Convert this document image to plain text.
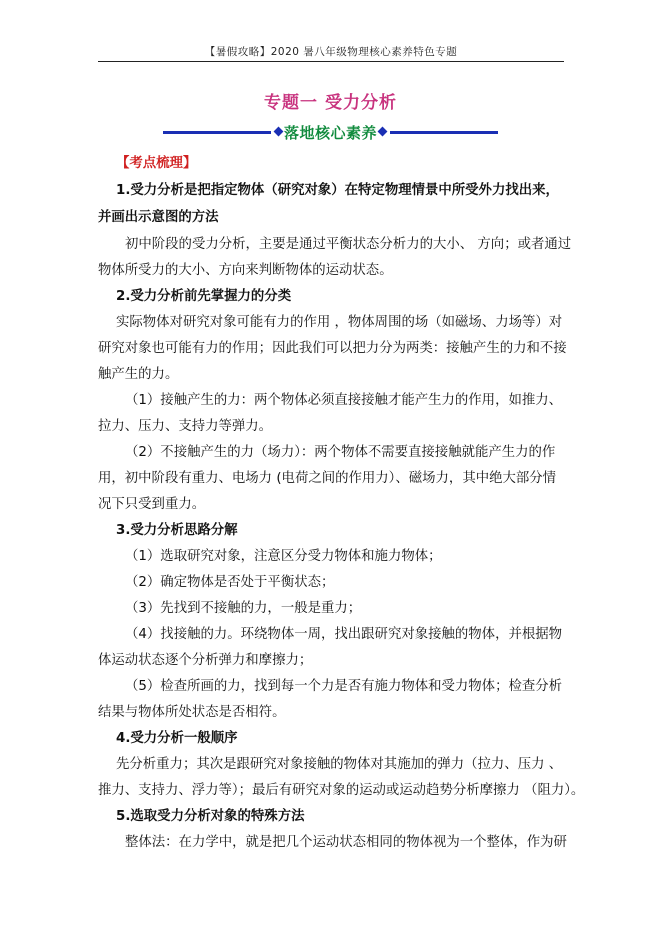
【暑假攻略】2020 暑八年级物理核心素养特色专题
专题一 受力分析
落地核心素养
【考点梳理】
1.受力分析是把指定物体（研究对象）在特定物理情景中所受外力找出来，
并画出示意图的方法
初中阶段的受力分析，主要是通过平衡状态分析力的大小、 方向；或者通过
物体所受力的大小、方向来判断物体的运动状态。
2.受力分析前先掌握力的分类
实际物体对研究对象可能有力的作用 ，物体周围的场（如磁场、力场等）对
研究对象也可能有力的作用；因此我们可以把力分为两类：接触产生的力和不接
触产生的力。
（1）接触产生的力：两个物体必须直接接触才能产生力的作用，如推力、
拉力、压力、支持力等弹力。
（2）不接触产生的力（场力）：两个物体不需要直接接触就能产生力的作
用，初中阶段有重力、电场力 (电荷之间的作用力）、磁场力，其中绝大部分情
况下只受到重力。
3.受力分析思路分解
（1）选取研究对象，注意区分受力物体和施力物体；
（2）确定物体是否处于平衡状态；
（3）先找到不接触的力，一般是重力；
（4）找接触的力。环绕物体一周，找出跟研究对象接触的物体，并根据物
体运动状态逐个分析弹力和摩擦力；
（5）检查所画的力，找到每一个力是否有施力物体和受力物体；检查分析
结果与物体所处状态是否相符。
4.受力分析一般顺序
先分析重力；其次是跟研究对象接触的物体对其施加的弹力（拉力、压力 、
推力、支持力、浮力等）；最后有研究对象的运动或运动趋势分析摩擦力 （阻力）。
5.选取受力分析对象的特殊方法
整体法：在力学中，就是把几个运动状态相同的物体视为一个整体，作为研
